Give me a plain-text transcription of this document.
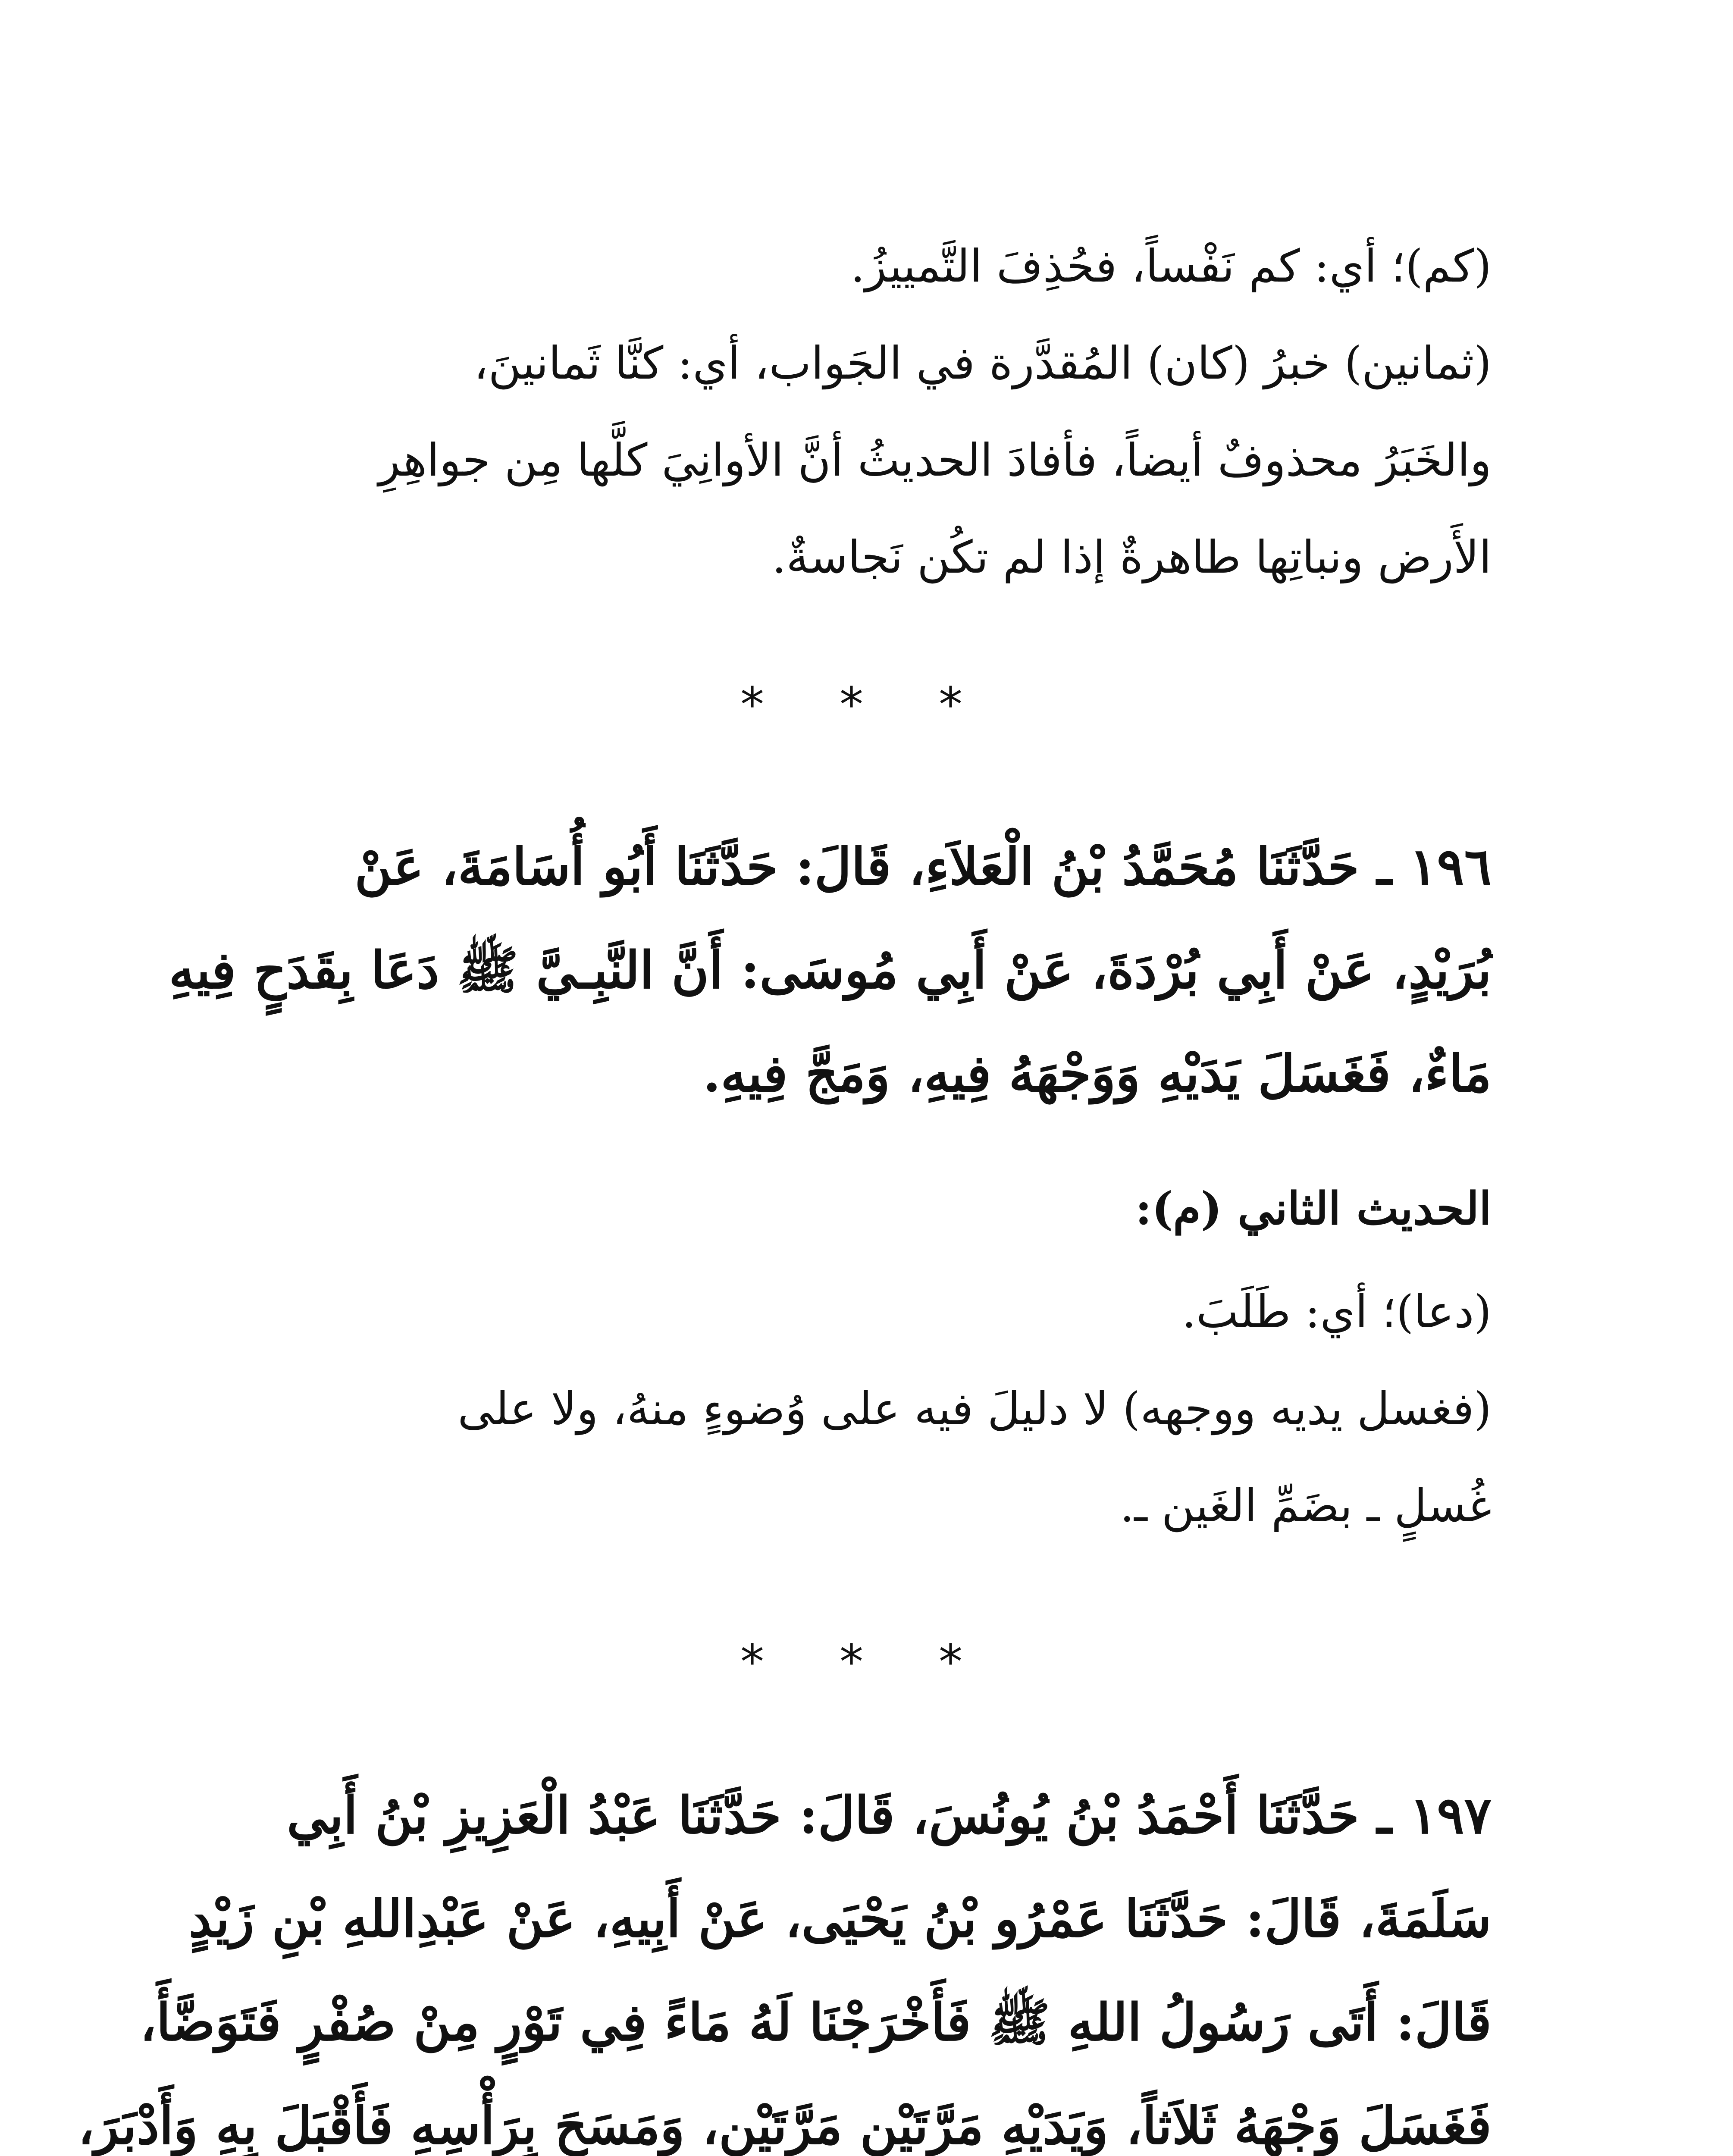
(كم)؛ أي: كم نَفْساً، فحُذِفَ التَّمييزُ.
(ثمانين) خبرُ (كان) المُقدَّرة في الجَواب، أي: كنَّا ثَمانينَ،
والخَبَرُ محذوفٌ أيضاً، فأفادَ الحديثُ أنَّ الأوانِيَ كلَّها مِن جواهِرِ
الأَرض ونباتِها طاهرةٌ إذا لم تكُن نَجاسةٌ.
* * *
١٩٦ ـ حَدَّثَنَا مُحَمَّدُ بْنُ الْعَلاَءِ، قَالَ: حَدَّثَنَا أَبُو أُسَامَةَ، عَنْ
بُرَيْدٍ، عَنْ أَبِي بُرْدَةَ، عَنْ أَبِي مُوسَى: أَنَّ النَّبِـيَّ ﷺ دَعَا بِقَدَحٍ فِيهِ
مَاءٌ، فَغَسَلَ يَدَيْهِ وَوَجْهَهُ فِيهِ، وَمَجَّ فِيهِ.
الحديث الثاني (م):
(دعا)؛ أي: طَلَبَ.
(فغسل يديه ووجهه) لا دليلَ فيه على وُضوءٍ منهُ، ولا على
غُسلٍ ـ بضَمِّ الغَين ـ.
* * *
١٩٧ ـ حَدَّثَنَا أَحْمَدُ بْنُ يُونُسَ، قَالَ: حَدَّثَنَا عَبْدُ الْعَزِيزِ بْنُ أَبِي
سَلَمَةَ، قَالَ: حَدَّثَنَا عَمْرُو بْنُ يَحْيَى، عَنْ أَبِيهِ، عَنْ عَبْدِاللهِ بْنِ زَيْدٍ
قَالَ: أَتَى رَسُولُ اللهِ ﷺ فَأَخْرَجْنَا لَهُ مَاءً فِي تَوْرٍ مِنْ صُفْرٍ فَتَوَضَّأَ،
فَغَسَلَ وَجْهَهُ ثَلاَثاً، وَيَدَيْهِ مَرَّتَيْنِ مَرَّتَيْنِ، وَمَسَحَ بِرَأْسِهِ فَأَقْبَلَ بِهِ وَأَدْبَرَ،
